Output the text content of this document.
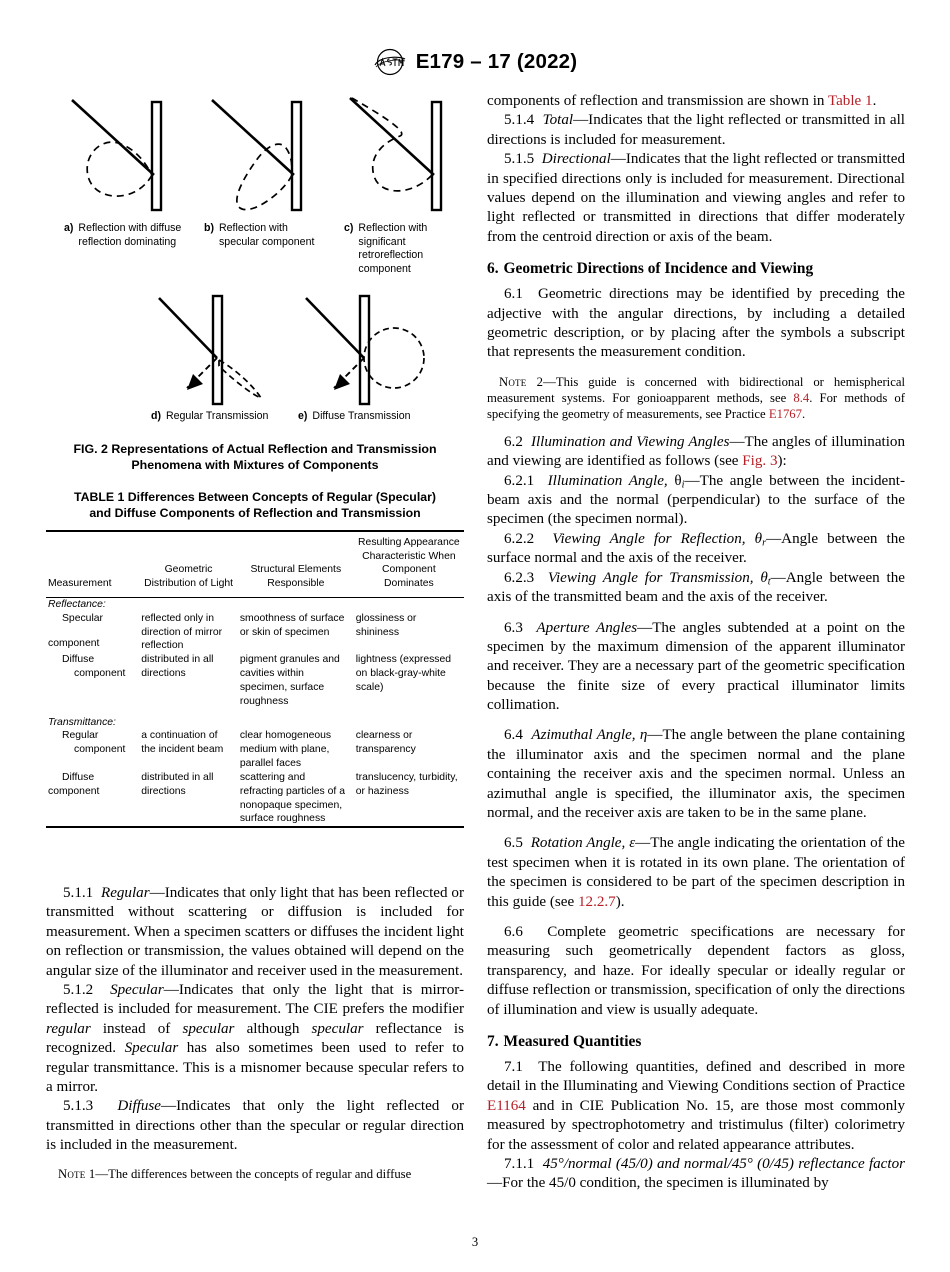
E179 – 17 (2022)
a) Reflection with diffuse reflection dominating
b) Reflection with specular component
c) Reflection with significant retroreflection component
d) Regular Transmission	e) Diffuse Transmission
FIG. 2 Representations of Actual Reflection and Transmission
Phenomena with Mixtures of Components
TABLE 1 Differences Between Concepts of Regular (Specular)
and Diffuse Components of Reflection and Transmission
Measurement	Geometric Distribution of Light	Structural Elements Responsible	Resulting Appearance Characteristic When Component Dominates
Reflectance:			

Specular
component	reflected only in direction of mirror reflection	smoothness of surface or skin of specimen	glossiness or shininess

Diffuse
component	distributed in all directions	pigment granules and cavities within specimen, surface roughness	lightness (expressed on black-gray-white scale)

Transmittance:			

Regular
component	a continuation of the incident beam	clear homogeneous medium with plane, parallel faces	clearness or transparency

Diffuse
component	distributed in all directions	scattering and refracting particles of a nonopaque specimen, surface roughness	translucency, turbidity, or haziness

5.1.1 Regular—Indicates that only light that has been reflected or transmitted without scattering or diffusion is included for measurement. When a specimen scatters or diffuses the incident light on reflection or transmission, the values obtained will depend on the angular size of the illuminator and receiver used in the measurement.

5.1.2 Specular—Indicates that only the light that is mirror-reflected is included for measurement. The CIE prefers the modifier regular instead of specular although specular reflectance is recognized. Specular has also sometimes been used to refer to regular transmittance. This is a misnomer because specular refers to a mirror.

5.1.3 Diffuse—Indicates that only the light reflected or transmitted in directions other than the specular or regular direction is included in the measurement.

Note 1—The differences between the concepts of regular and diffuse

components of reflection and transmission are shown in Table 1.

5.1.4 Total—Indicates that the light reflected or transmitted in all directions is included for measurement.

5.1.5 Directional—Indicates that the light reflected or transmitted in specified directions only is included for measurement. Directional values depend on the illumination and viewing angles and refer to light reflected or transmitted in directions that differ moderately from the centroid direction or axis of the beam.

6. Geometric Directions of Incidence and Viewing

6.1 Geometric directions may be identified by preceding the adjective with the angular directions, by including a detailed geometric description, or by placing after the symbols a subscript that represents the measurement condition.

Note 2—This guide is concerned with bidirectional or hemispherical measurement systems. For gonioapparent methods, see 8.4. For methods of specifying the geometry of measurements, see Practice E1767.

6.2 Illumination and Viewing Angles—The angles of illumination and viewing are identified as follows (see Fig. 3):

6.2.1 Illumination Angle, $\theta_i—The$ angle between the incident-beam axis and the normal (perpendicular) to the surface of the specimen (the specimen normal).

6.2.2 Viewing Angle for Reflection, $\theta_r—Angle$ between the surface normal and the axis of the receiver.

6.2.3 Viewing Angle for Transmission, $\theta_t—Angle$ between the axis of the transmitted beam and the axis of the receiver.

6.3 Aperture Angles—The angles subtended at a point on the specimen by the maximum dimension of the apparent illuminator and receiver. They are a necessary part of the geometric specification because the finite size of every practical illuminator limits collimation.

6.4 Azimuthal Angle, η—The angle between the plane containing the illuminator axis and the specimen normal and the plane containing the receiver axis and the specimen normal. Unless an azimuthal angle is specified, the illuminator axis, the specimen normal, and the receiver axis are taken to be in the same plane.

6.5 Rotation Angle, ε—The angle indicating the orientation of the test specimen when it is rotated in its own plane. The orientation of the specimen is considered to be part of the specimen description in this guide (see 12.2.7).

6.6 Complete geometric specifications are necessary for measuring such geometrically dependent factors as gloss, transparency, and haze. For ideally specular or ideally regular or diffuse reflection or transmission, specification of only the directions of illumination and view is usually adequate.

7. Measured Quantities

7.1 The following quantities, defined and described in more detail in the Illuminating and Viewing Conditions section of Practice E1164 and in CIE Publication No. 15, are those most commonly measured by spectrophotometry and tristimulus (filter) colorimetry for the assessment of color and related appearance attributes.

7.1.1 45°/normal (45/0) and normal/45° (0/45) reflectance factor—For the 45/0 condition, the specimen is illuminated by

3
